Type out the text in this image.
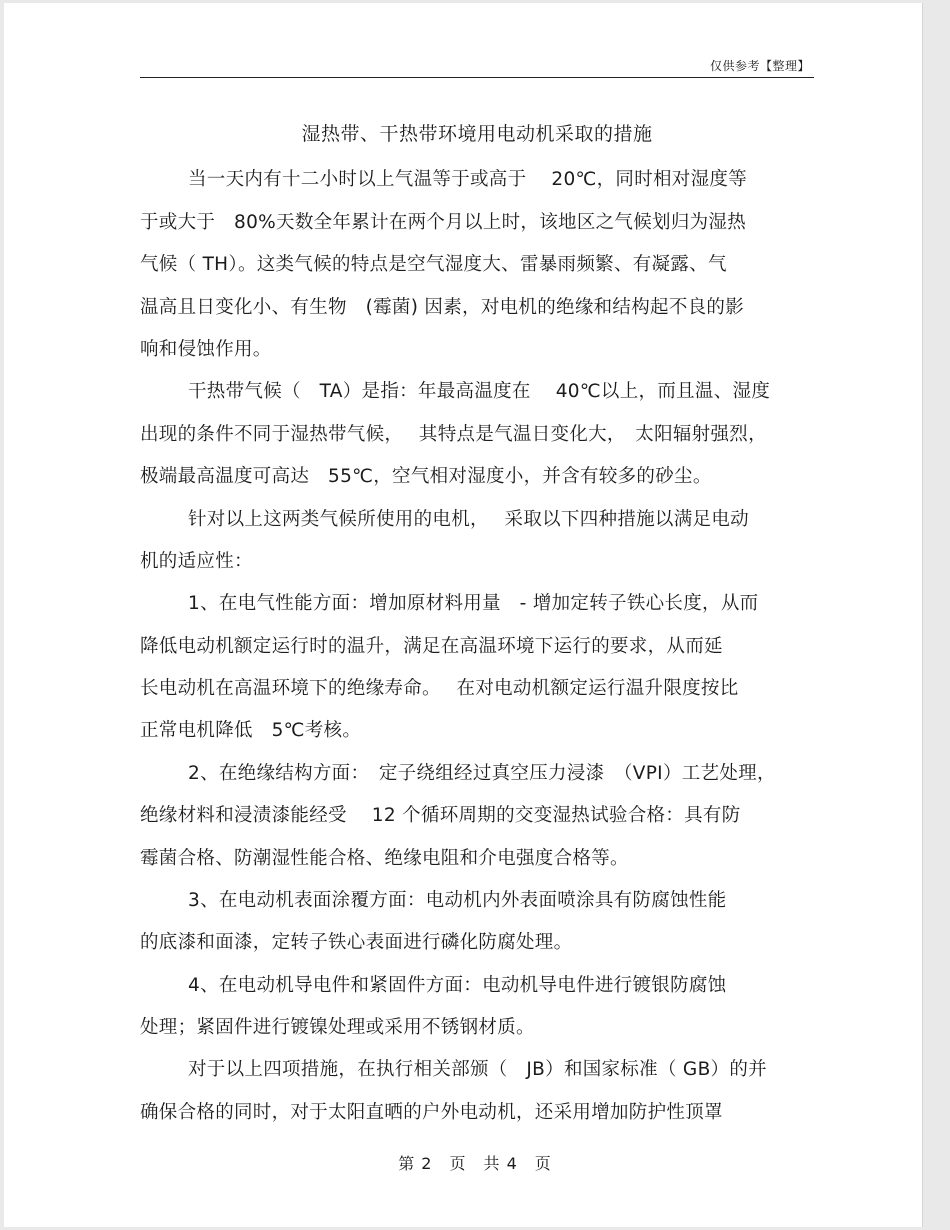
仅供参考【整理】
湿热带、干热带环境用电动机采取的措施
当一天内有十二小时以上气温等于或高于　 20℃，同时相对湿度等
于或大于　80%天数全年累计在两个月以上时，该地区之气候划归为湿热
气候（ TH）。这类气候的特点是空气湿度大、雷暴雨频繁、有凝露、气
温高且日变化小、有生物　(霉菌) 因素，对电机的绝缘和结构起不良的影
响和侵蚀作用。
干热带气候（　TA）是指：年最高温度在　 40℃以上，而且温、湿度
出现的条件不同于湿热带气候，　 其特点是气温日变化大，　太阳辐射强烈，
极端最高温度可高达　55℃，空气相对湿度小，并含有较多的砂尘。
针对以上这两类气候所使用的电机，　 采取以下四种措施以满足电动
机的适应性：
1、在电气性能方面：增加原材料用量　- 增加定转子铁心长度，从而
降低电动机额定运行时的温升，满足在高温环境下运行的要求，从而延
长电动机在高温环境下的绝缘寿命。　 在对电动机额定运行温升限度按比
正常电机降低　5℃考核。
2、在绝缘结构方面：　定子绕组经过真空压力浸漆　（VPI）工艺处理，
绝缘材料和浸渍漆能经受　 12 个循环周期的交变湿热试验合格：具有防
霉菌合格、防潮湿性能合格、绝缘电阻和介电强度合格等。
3、在电动机表面涂覆方面：电动机内外表面喷涂具有防腐蚀性能
的底漆和面漆，定转子铁心表面进行磷化防腐处理。
4、在电动机导电件和紧固件方面：电动机导电件进行镀银防腐蚀
处理；紧固件进行镀镍处理或采用不锈钢材质。
对于以上四项措施，在执行相关部颁（　JB）和国家标准（ GB）的并
确保合格的同时，对于太阳直晒的户外电动机，还采用增加防护性顶罩
第 2　页　共 4　页
